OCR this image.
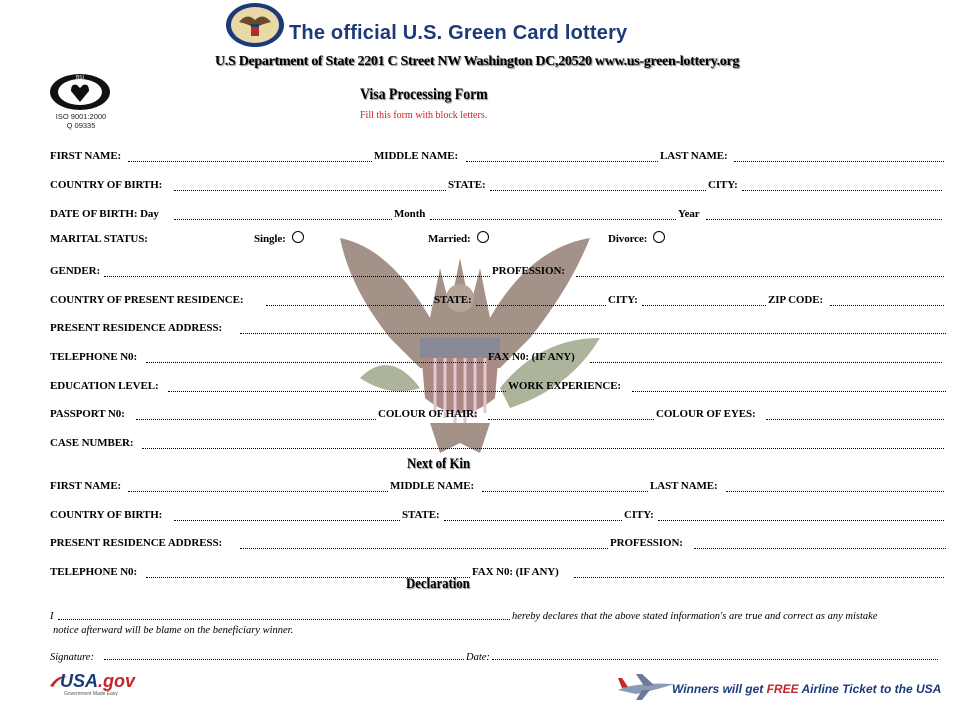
The official U.S. Green Card lottery
U.S Department of State 2201 C Street NW Washington DC,20520 www.us-green-lottery.org
BSI
ISO 9001:2000
Q 09335
Visa Processing Form
Fill this form with block letters.
FIRST NAME:	MIDDLE NAME:	LAST NAME:
COUNTRY OF BIRTH:	STATE:	CITY:
DATE OF BIRTH: Day	Month	Year
MARITAL STATUS:	Single:	Married:	Divorce:
GENDER:	PROFESSION:
COUNTRY OF PRESENT RESIDENCE:	STATE:	CITY:	ZIP CODE:
PRESENT RESIDENCE ADDRESS:
TELEPHONE N0:	FAX N0: (IF ANY)
EDUCATION LEVEL:	WORK EXPERIENCE:
PASSPORT N0:	COLOUR OF HAIR:	COLOUR OF EYES:
CASE NUMBER:
Next of Kin
FIRST NAME:	MIDDLE NAME:	LAST NAME:
COUNTRY OF BIRTH:	STATE:	CITY:
PRESENT RESIDENCE ADDRESS:	PROFESSION:
TELEPHONE N0:	FAX N0: (IF ANY)
Declaration
I	hereby declares that the above stated information's are true and correct as any mistake
notice afterward will be blame on the beneficiary winner.
Signature:	Date:
USA.gov
Government Made Easy	Winners will get FREE Airline Ticket to the USA
